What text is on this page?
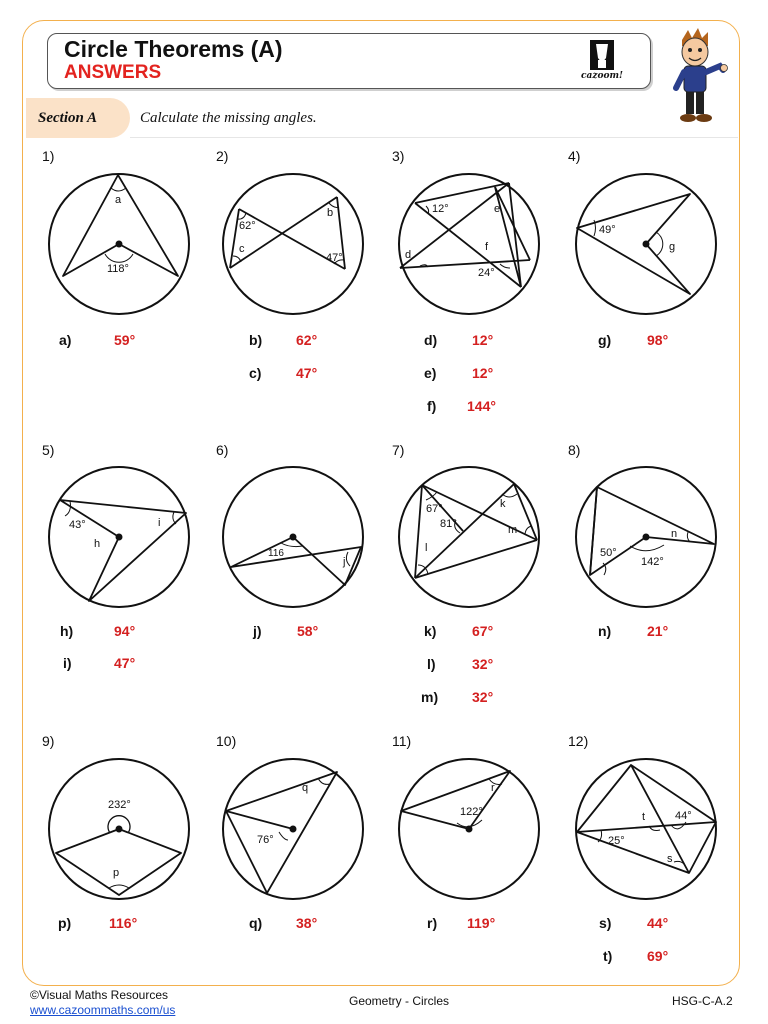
Circle Theorems (A)
ANSWERS	cazoom!
Section A	Calculate the missing angles.
a
118°
62°
c
b
47°
12°	e
f
d
24°
49°
g
43°
h
i
116
j
67°
81°
k
m
l
n
50°
142°
232°
p
q
76°
r
122°	t	44°
25°
s
1)	2)	3)	4)
5)	6)	7)	8)
9)	10)	11)	12)
a)	59°	b) 62°
c) 47°
d) 12°
e)	12°
f) 144°
g)	98°
h)	94°
i)	47°
j)	58°	k)	67°
l)	32°
m) 32°
n)	21°
p)	116°	q) 38°	r) 119°	s)	44°
t) 69°
©Visual Maths Resources
www.cazoommaths.com/us
Geometry - Circles	HSG-C-A.2
